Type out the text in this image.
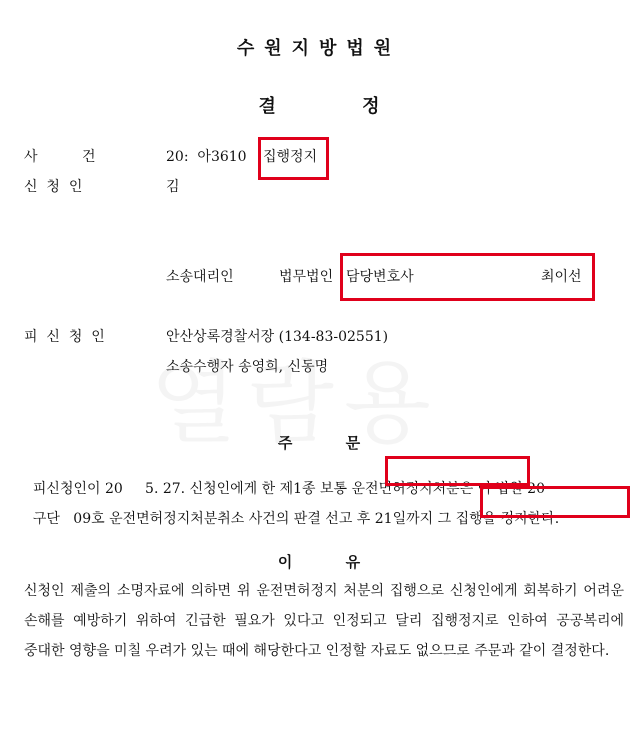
수원지방법원
결 정
사          건	20:  아3610 집행정지
신  청  인	김
소송대리인	법무법인 담당변호사	최이선
피  신  청  인	안산상록경찰서장 (134-83-02551)
소송수행자 송영희, 신동명
주 문

피신청인이 20     5. 27. 신청인에게 한 제1종 보통 운전면허정지처분은 이 법원 20

구단   09호 운전면허정지처분취소 사건의 판결 선고 후 21일까지 그 집행을 정지한다.

이 유
신청인 제출의 소명자료에 의하면 위 운전면허정지 처분의 집행으로 신청인에게 회복하기 어려운 손해를 예방하기 위하여 긴급한 필요가 있다고 인정되고 달리 집행정지로 인하여 공공복리에 중대한 영향을 미칠 우려가 있는 때에 해당한다고 인정할 자료도 없으므로 주문과 같이 결정한다.
